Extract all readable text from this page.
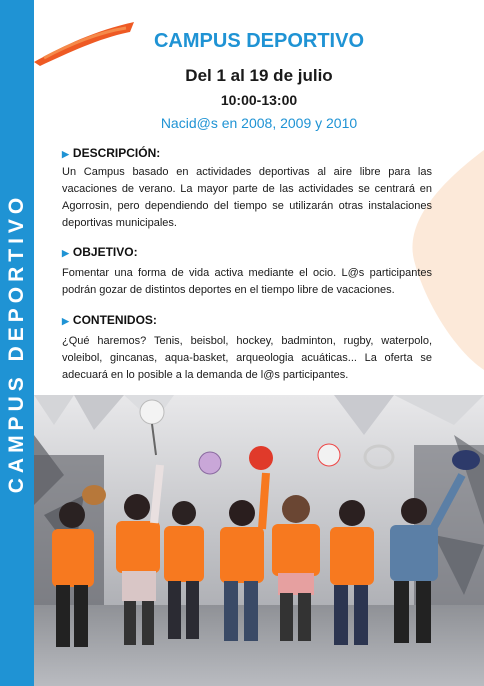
CAMPUS DEPORTIVO
CAMPUS DEPORTIVO
Del 1 al 19 de julio
10:00-13:00
Nacid@s en 2008, 2009 y 2010
▶ DESCRIPCIÓN:
Un Campus basado en actividades deportivas al aire libre para las vacaciones de verano. La mayor parte de las actividades se centrará en Agorrosin, pero dependiendo del tiempo se utilizarán otras instalaciones deportivas municipales.
▶ OBJETIVO:
Fomentar una forma de vida activa mediante el ocio. L@s participantes podrán gozar de distintos deportes en el tiempo libre de vacaciones.
▶ CONTENIDOS:
¿Qué haremos? Tenis, beisbol, hockey, badminton, rugby, waterpolo, voleibol, gincanas, aqua-basket, arqueologia acuáticas... La oferta se adecuará en lo posible a la demanda de l@s participantes.
